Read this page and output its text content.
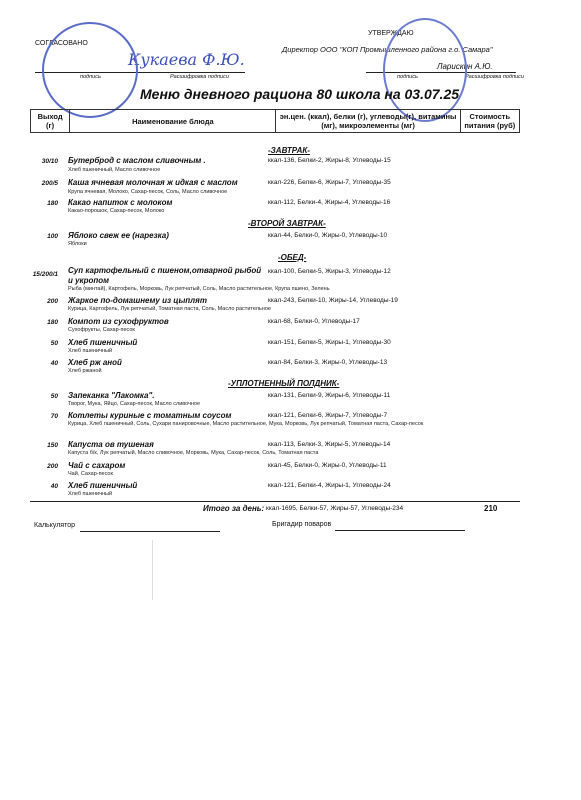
СОГЛАСОВАНО
УТВЕРЖДАЮ
Директор ООО "КОП Промышленного района г.о. Самара"
подпись	Расшифровка подписи
Кукаева Ф.Ю.
подпись	Расшифровка подписи
Ларискин А.Ю.
Меню дневного рациона 80 школа на 03.07.25
Выход (г)	Наименование блюда	эн.цен. (ккал), белки (г), углеводы(г), витамины (мг), микроэлементы (мг)	Стоимость питания (руб)
-ЗАВТРАК-
30/10 Бутерброд с маслом сливочным .	ккал-136, Белки-2, Жиры-8, Углеводы-15
Хлеб пшеничный, Масло сливочное
200/5 Каша ячневая молочная ж идкая с маслом	ккал-226, Белки-6, Жиры-7, Углеводы-35
Крупа ячневая, Молоко, Сахар-песок, Соль, Масло сливочное
180 Какао напиток с молоком	ккал-112, Белки-4, Жиры-4, Углеводы-16
Какао-порошок, Сахар-песок, Молоко
-ВТОРОЙ ЗАВТРАК-
100 Яблоко свеж ее (нарезка)	ккал-44, Белки-0, Жиры-0, Углеводы-10
Яблоки
-ОБЕД-
15/200/1 Суп картофельный с пшеном,отварной рыбой
и укропом
ккал-100, Белки-5, Жиры-3, Углеводы-12
Рыба (минтай), Картофель, Морковь, Лук репчатый, Соль, Масло растительное, Крупа пшено, Зелень
200 Жаркое по-домашнему из цыплят	ккал-243, Белки-10, Жиры-14, Углеводы-19
Курица, Картофель, Лук репчатый, Томатная паста, Соль, Масло растительное
180 Компот из сухофруктов	ккал-68, Белки-0, Углеводы-17
Сухофрукты, Сахар-песок
50 Хлеб пшеничный	ккал-151, Белки-5, Жиры-1, Углеводы-30
Хлеб пшеничный
40 Хлеб рж аной	ккал-84, Белки-3, Жиры-0, Углеводы-13
Хлеб ржаной
-УПЛОТНЕННЫЙ ПОЛДНИК-
50 Запеканка "Лакомка".	ккал-131, Белки-9, Жиры-6, Углеводы-11
Творог, Мука, Яйцо, Сахар-песок, Масло сливочное
70 Котлеты куриные с томатным соусом	ккал-121, Белки-6, Жиры-7, Углеводы-7
Курица, Хлеб пшеничный, Соль, Сухари панировочные, Масло растительное, Мука, Морковь, Лук репчатый, Томатная паста, Сахар-песок
150 Капуста ов тушеная	ккал-113, Белки-3, Жиры-5, Углеводы-14
Капуста б/к, Лук репчатый, Масло сливочное, Морковь, Мука, Сахар-песок, Соль, Томатная паста
200 Чай с сахаром	ккал-45, Белки-0, Жиры-0, Углеводы-11
Чай, Сахар-песок
40 Хлеб пшеничный	ккал-121, Белки-4, Жиры-1, Углеводы-24
Хлеб пшеничный
Итого за день: ккал-1695, Белки-57, Жиры-57, Углеводы-234	210
Калькулятор	Бригадир поваров
